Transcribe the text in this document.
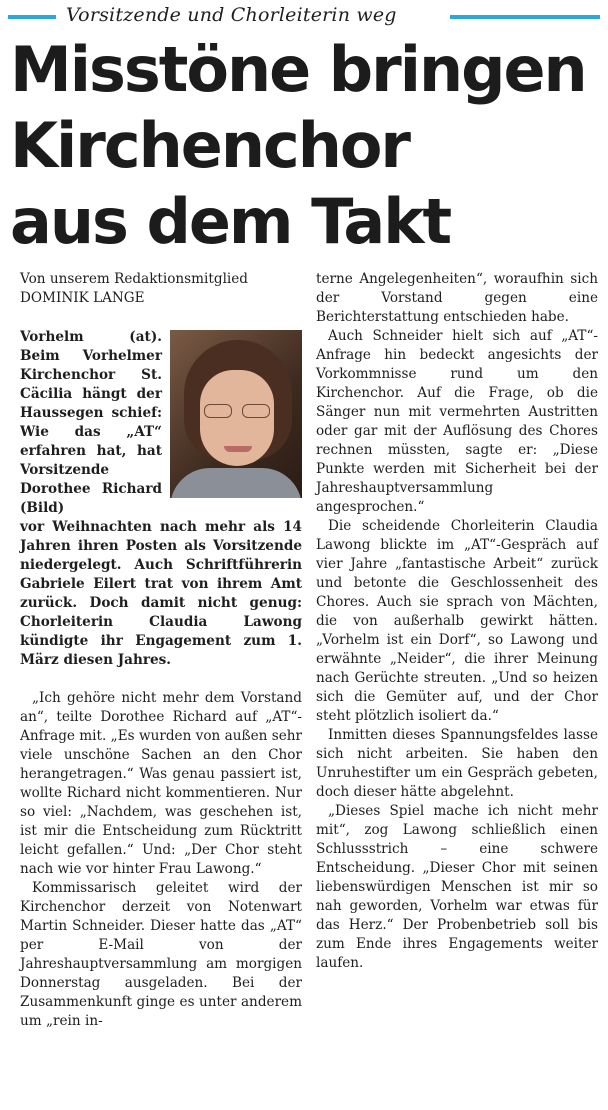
Vorsitzende und Chorleiterin weg
Misstöne bringen
Kirchenchor
aus dem Takt
Von unserem Redaktionsmitglied
DOMINIK LANGE

Vorhelm (at). Beim Vorhelmer Kirchenchor St. Cäcilia hängt der Haussegen schief: Wie das „AT“ erfahren hat, hat Vorsitzende Dorothee Richard (Bild)

vor Weihnachten nach mehr als 14 Jahren ihren Posten als Vorsitzende niedergelegt. Auch Schriftführerin Gabriele Eilert trat von ihrem Amt zurück. Doch damit nicht genug: Chorleiterin Claudia Lawong kündigte ihr Engagement zum 1. März diesen Jahres.

„Ich gehöre nicht mehr dem Vorstand an“, teilte Dorothee Richard auf „AT“-Anfrage mit. „Es wurden von außen sehr viele unschöne Sachen an den Chor herangetragen.“ Was genau passiert ist, wollte Richard nicht kommentieren. Nur so viel: „Nachdem, was geschehen ist, ist mir die Entscheidung zum Rücktritt leicht gefallen.“ Und: „Der Chor steht nach wie vor hinter Frau Lawong.“

Kommissarisch geleitet wird der Kirchenchor derzeit von Notenwart Martin Schneider. Dieser hatte das „AT“ per E-Mail von der Jahreshauptversammlung am morgigen Donnerstag ausgeladen. Bei der Zusammenkunft ginge es unter anderem um „rein in-

terne Angelegenheiten“, woraufhin sich der Vorstand gegen eine Berichterstattung entschieden habe.

Auch Schneider hielt sich auf „AT“-Anfrage hin bedeckt angesichts der Vorkommnisse rund um den Kirchenchor. Auf die Frage, ob die Sänger nun mit vermehrten Austritten oder gar mit der Auflösung des Chores rechnen müssten, sagte er: „Diese Punkte werden mit Sicherheit bei der Jahreshauptversammlung angesprochen.“

Die scheidende Chorleiterin Claudia Lawong blickte im „AT“-Gespräch auf vier Jahre „fantastische Arbeit“ zurück und betonte die Geschlossenheit des Chores. Auch sie sprach von Mächten, die von außerhalb gewirkt hätten. „Vorhelm ist ein Dorf“, so Lawong und erwähnte „Neider“, die ihrer Meinung nach Gerüchte streuten. „Und so heizen sich die Gemüter auf, und der Chor steht plötzlich isoliert da.“

Inmitten dieses Spannungsfeldes lasse sich nicht arbeiten. Sie haben den Unruhestifter um ein Gespräch gebeten, doch dieser hätte abgelehnt.

„Dieses Spiel mache ich nicht mehr mit“, zog Lawong schließlich einen Schlussstrich – eine schwere Entscheidung. „Dieser Chor mit seinen liebenswürdigen Menschen ist mir so nah geworden, Vorhelm war etwas für das Herz.“ Der Probenbetrieb soll bis zum Ende ihres Engagements weiter laufen.
